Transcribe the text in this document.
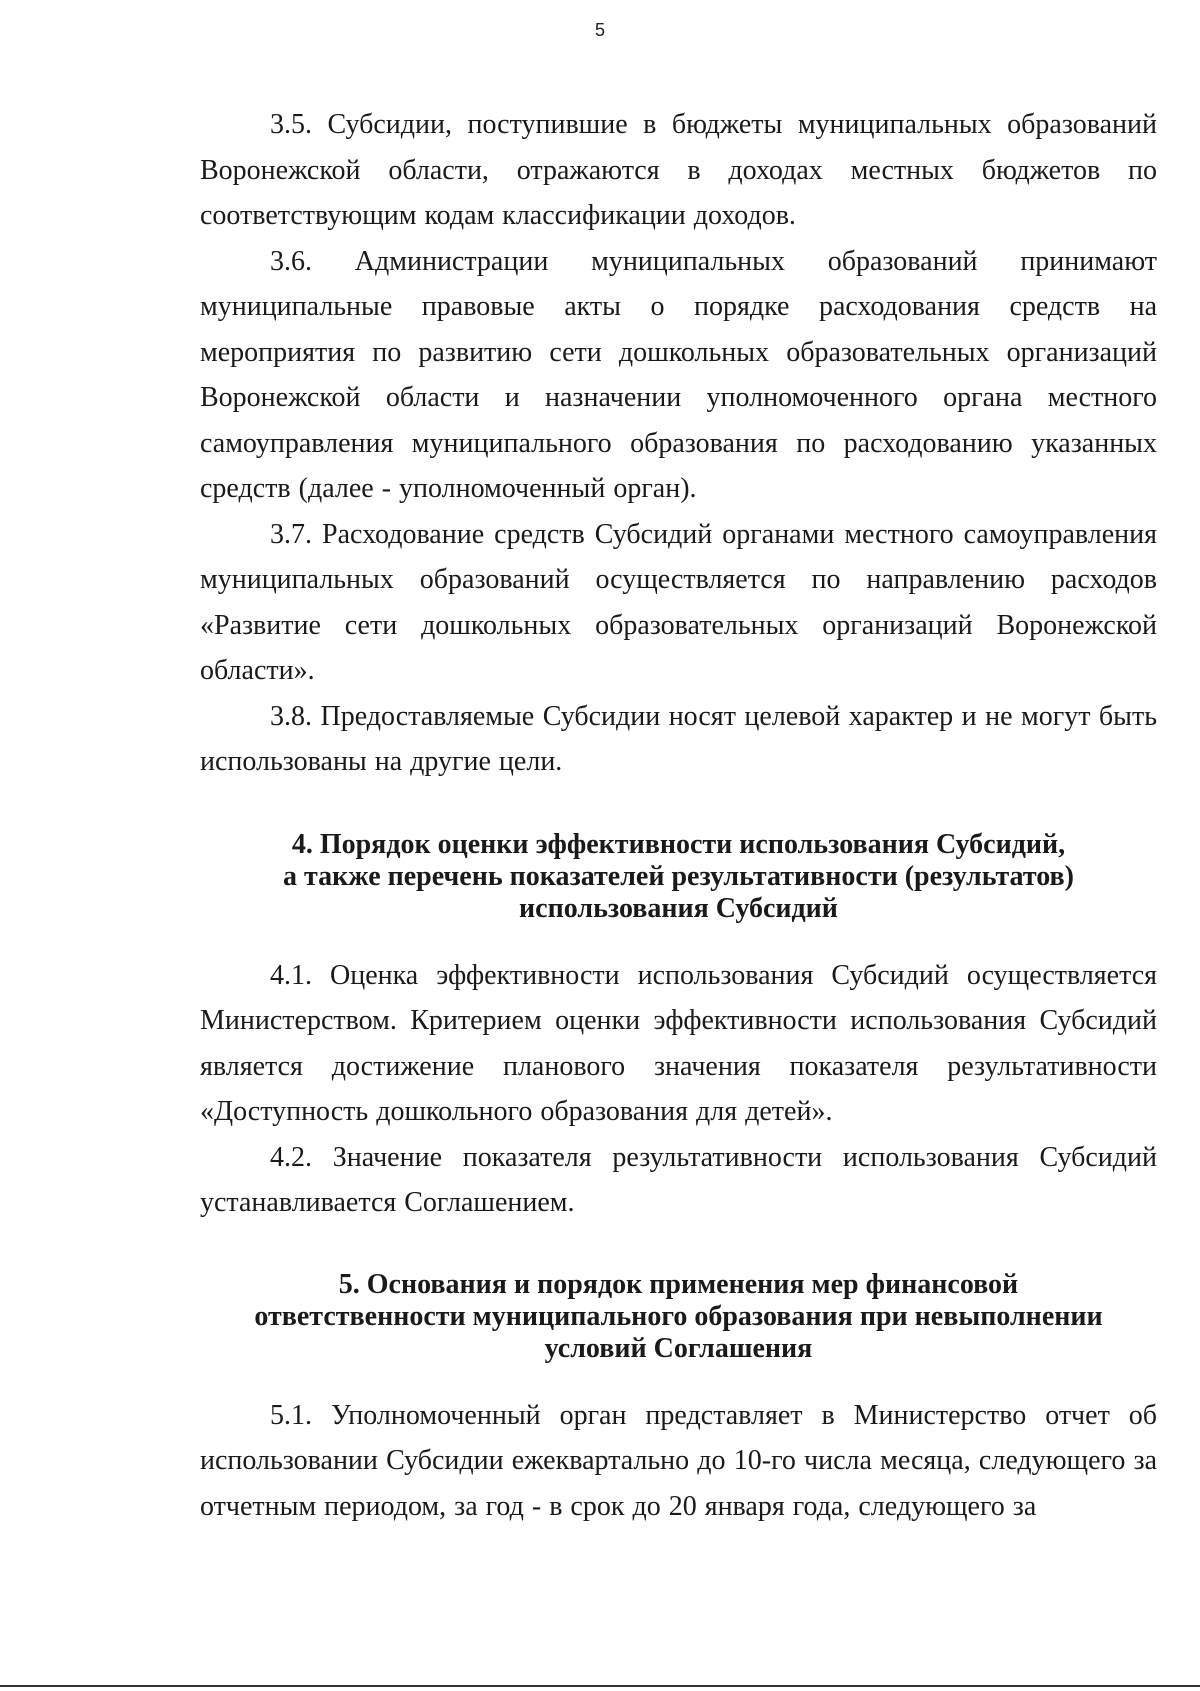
5

3.5. Субсидии, поступившие в бюджеты муниципальных образований Воронежской области, отражаются в доходах местных бюджетов по соответствующим кодам классификации доходов.

3.6. Администрации муниципальных образований принимают муниципальные правовые акты о порядке расходования средств на мероприятия по развитию сети дошкольных образовательных организаций Воронежской области и назначении уполномоченного органа местного самоуправления муниципального образования по расходованию указанных средств (далее - уполномоченный орган).

3.7. Расходование средств Субсидий органами местного самоуправления муниципальных образований осуществляется по направлению расходов «Развитие сети дошкольных образовательных организаций Воронежской области».

3.8. Предоставляемые Субсидии носят целевой характер и не могут быть использованы на другие цели.

4. Порядок оценки эффективности использования Субсидий,
а также перечень показателей результативности (результатов)
использования Субсидий

4.1. Оценка эффективности использования Субсидий осуществляется Министерством. Критерием оценки эффективности использования Субсидий является достижение планового значения показателя результативности «Доступность дошкольного образования для детей».

4.2. Значение показателя результативности использования Субсидий устанавливается Соглашением.

5. Основания и порядок применения мер финансовой
ответственности муниципального образования при невыполнении
условий Соглашения

5.1. Уполномоченный орган представляет в Министерство отчет об использовании Субсидии ежеквартально до 10-го числа месяца, следующего за отчетным периодом, за год - в срок до 20 января года, следующего за
